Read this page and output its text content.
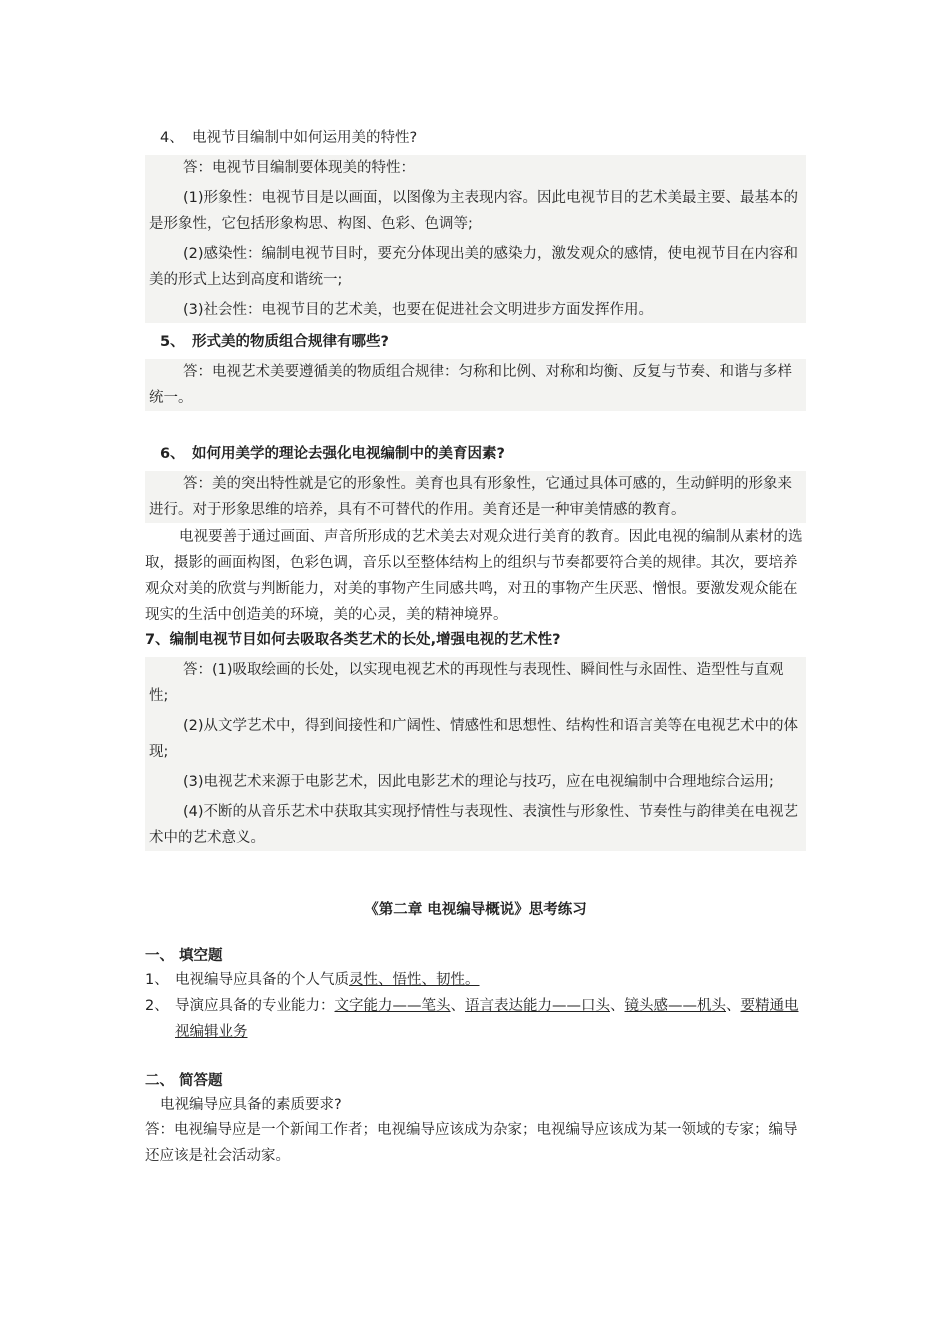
4、 电视节目编制中如何运用美的特性?

答：电视节目编制要体现美的特性：

(1)形象性：电视节目是以画面，以图像为主表现内容。因此电视节目的艺术美最主要、最基本的是形象性，它包括形象构思、构图、色彩、色调等;

(2)感染性：编制电视节目时，要充分体现出美的感染力，激发观众的感情，使电视节目在内容和美的形式上达到高度和谐统一;

(3)社会性：电视节目的艺术美，也要在促进社会文明进步方面发挥作用。

5、 形式美的物质组合规律有哪些?

答：电视艺术美要遵循美的物质组合规律：匀称和比例、对称和均衡、反复与节奏、和谐与多样统一。

6、 如何用美学的理论去强化电视编制中的美育因素?

答：美的突出特性就是它的形象性。美育也具有形象性，它通过具体可感的，生动鲜明的形象来进行。对于形象思维的培养，具有不可替代的作用。美育还是一种审美情感的教育。

电视要善于通过画面、声音所形成的艺术美去对观众进行美育的教育。因此电视的编制从素材的选取，摄影的画面构图，色彩色调，音乐以至整体结构上的组织与节奏都要符合美的规律。其次，要培养观众对美的欣赏与判断能力，对美的事物产生同感共鸣，对丑的事物产生厌恶、憎恨。要激发观众能在现实的生活中创造美的环境，美的心灵，美的精神境界。

7、编制电视节目如何去吸取各类艺术的长处,增强电视的艺术性?

答：(1)吸取绘画的长处，以实现电视艺术的再现性与表现性、瞬间性与永固性、造型性与直观性;

(2)从文学艺术中，得到间接性和广阔性、情感性和思想性、结构性和语言美等在电视艺术中的体现;

(3)电视艺术来源于电影艺术，因此电影艺术的理论与技巧，应在电视编制中合理地综合运用;

(4)不断的从音乐艺术中获取其实现抒情性与表现性、表演性与形象性、节奏性与韵律美在电视艺术中的艺术意义。

《第二章 电视编导概说》思考练习
一、 填空题
1、 电视编导应具备的个人气质灵性、悟性、韧性。
2、 导演应具备的专业能力：文字能力——笔头、语言表达能力——口头、镜头感——机头、要精通电视编辑业务
二、 简答题
电视编导应具备的素质要求?
答：电视编导应是一个新闻工作者；电视编导应该成为杂家；电视编导应该成为某一领域的专家；编导还应该是社会活动家。
